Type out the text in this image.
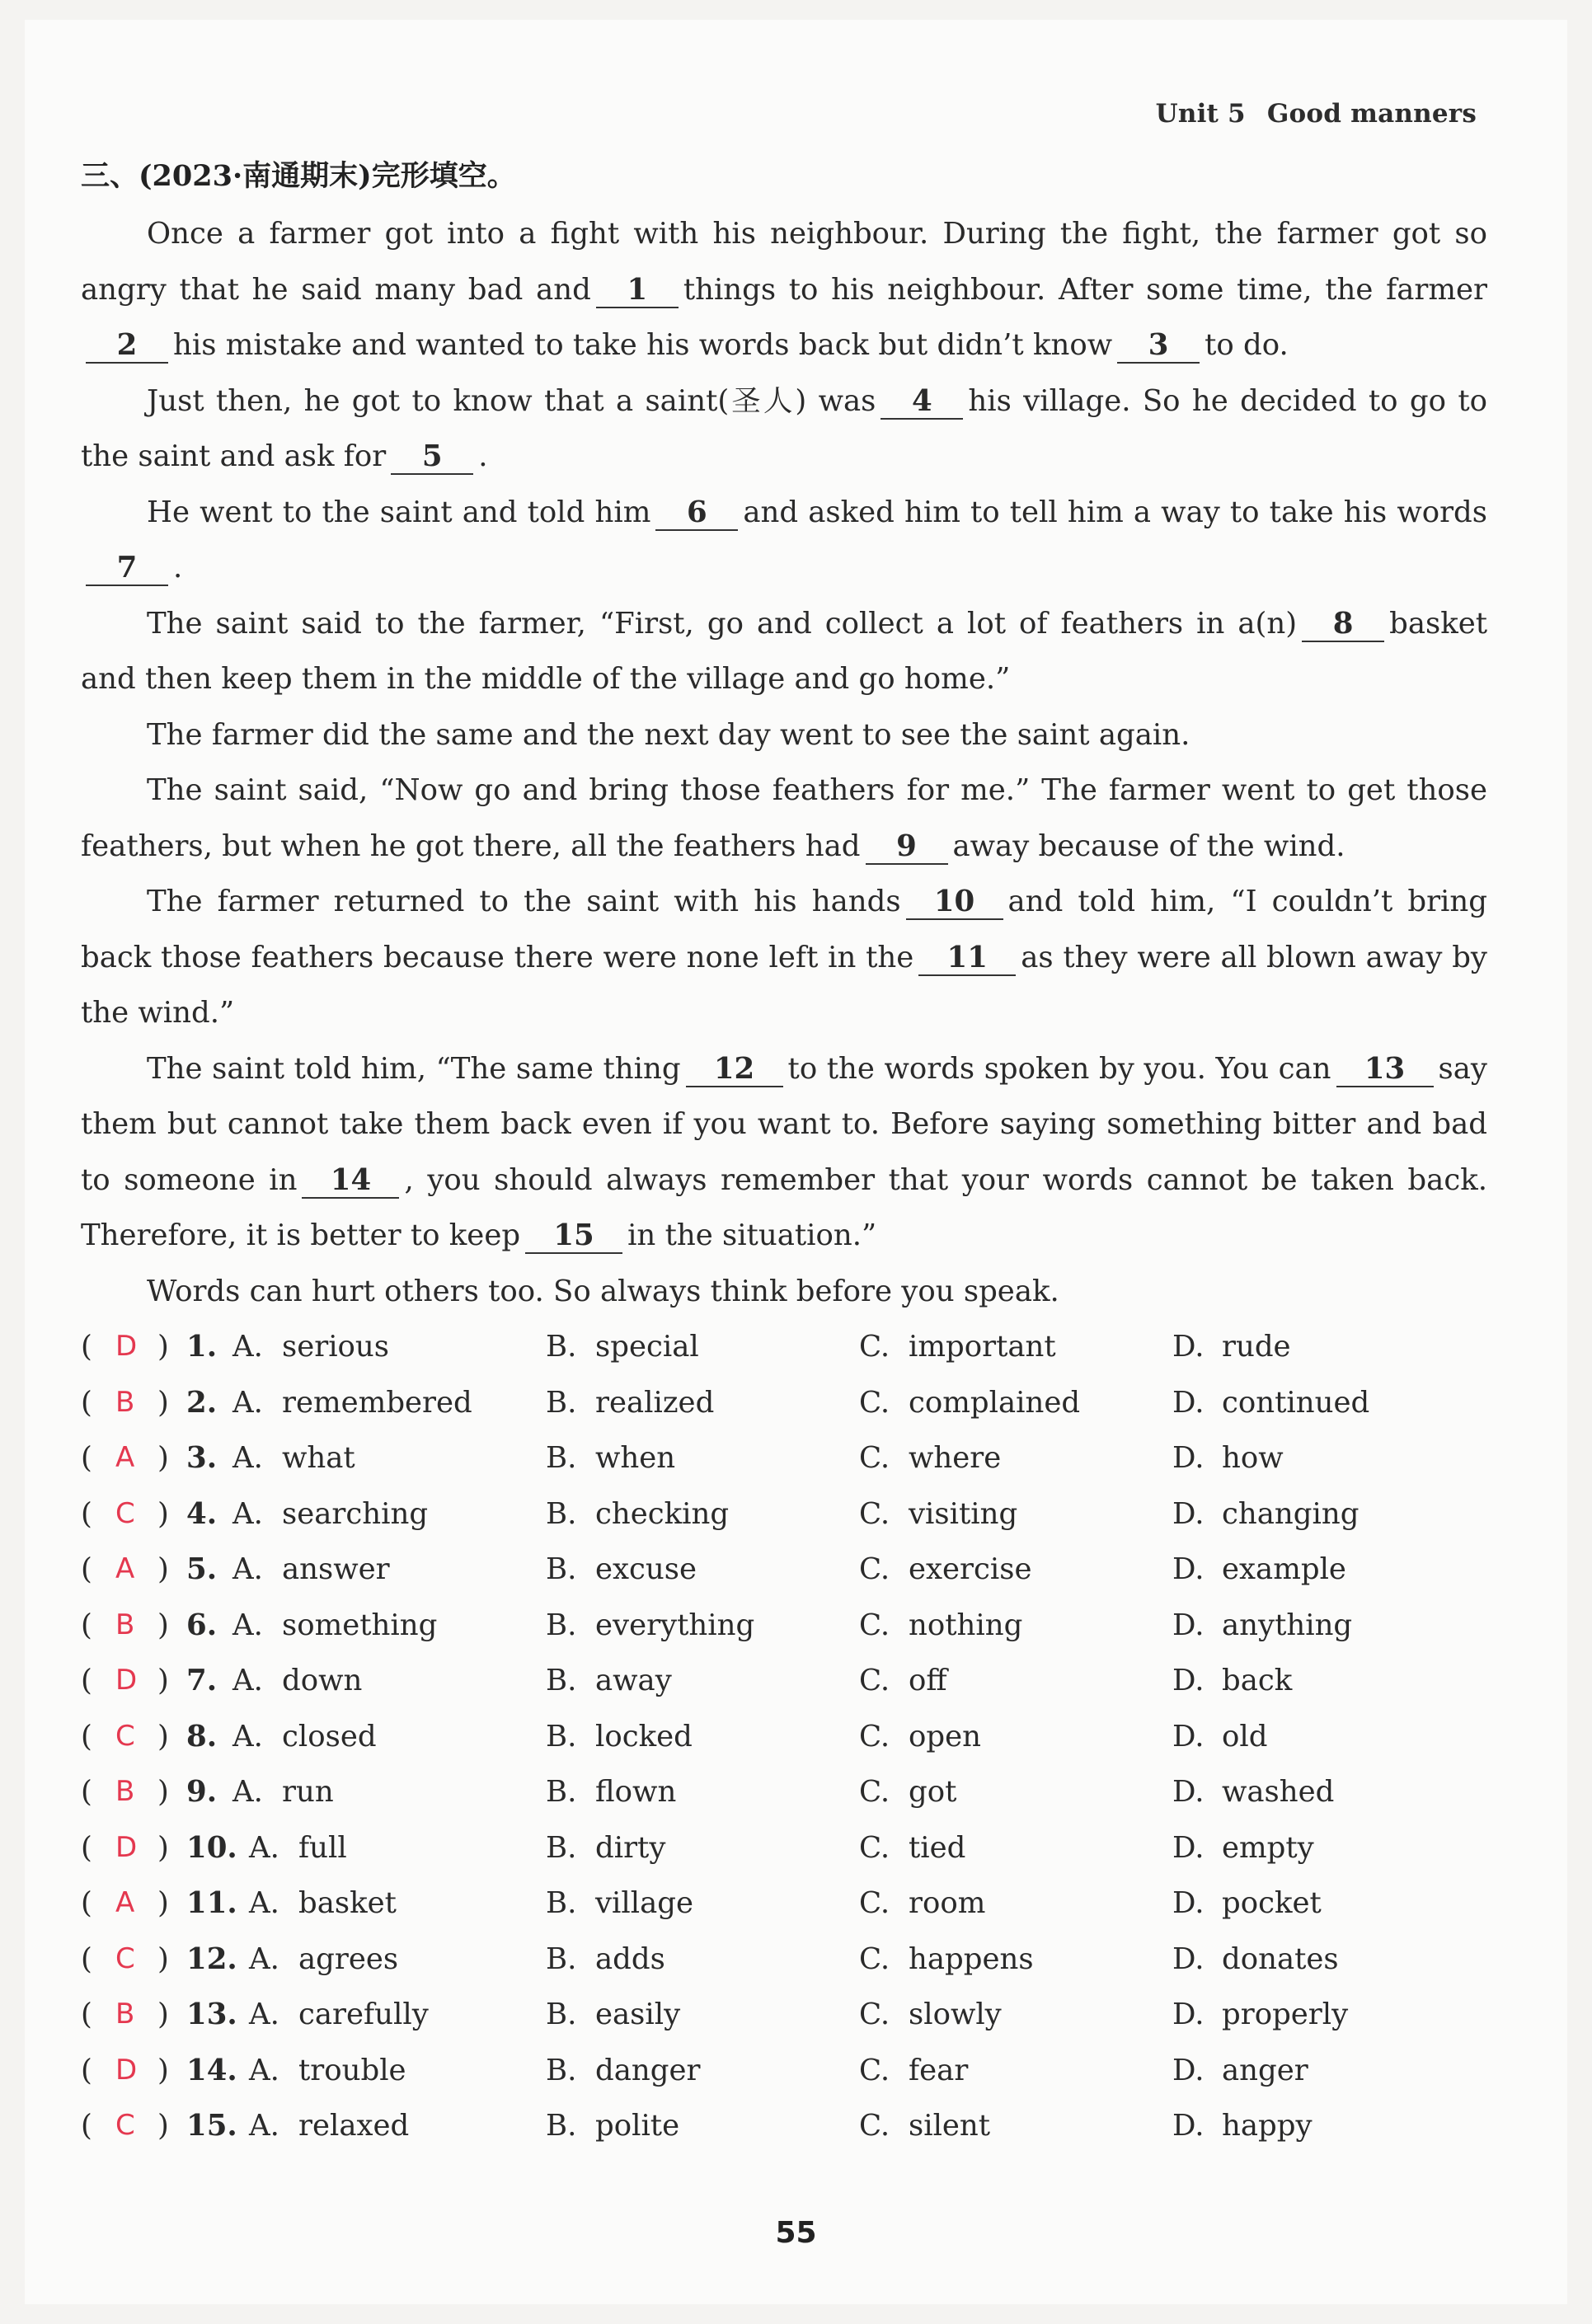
Unit 5 Good manners
三、(2023·南通期末)完形填空。

Once a farmer got into a fight with his neighbour. During the fight, the farmer got so angry that he said many bad and 1 things to his neighbour. After some time, the farmer2 his mistake and wanted to take his words back but didn’t know 3 to do.

Just then, he got to know that a saint(圣人) was 4 his village. So he decided to go to the saint and ask for 5 .

He went to the saint and told him 6 and asked him to tell him a way to take his words7 .

The saint said to the farmer, “First, go and collect a lot of feathers in a(n) 8 basket and then keep them in the middle of the village and go home.”

The farmer did the same and the next day went to see the saint again.

The saint said, “Now go and bring those feathers for me.” The farmer went to get those feathers, but when he got there, all the feathers had 9 away because of the wind.

The farmer returned to the saint with his hands 10 and told him, “I couldn’t bring back those feathers because there were none left in the 11 as they were all blown away by the wind.”

The saint told him, “The same thing 12 to the words spoken by you. You can 13 say them but cannot take them back even if you want to. Before saying something bitter and bad to someone in 14 , you should always remember that your words cannot be taken back. Therefore, it is better to keep 15 in the situation.”

Words can hurt others too. So always think before you speak.

( D ) 1. A. serious	B. special	C. important	D. rude
( B ) 2. A. remembered	B. realized	C. complained	D. continued
( A ) 3. A. what	B. when	C. where	D. how
( C ) 4. A. searching	B. checking	C. visiting	D. changing
( A ) 5. A. answer	B. excuse	C. exercise	D. example
( B ) 6. A. something	B. everything	C. nothing	D. anything
( D ) 7. A. down	B. away	C. off	D. back
( C ) 8. A. closed	B. locked	C. open	D. old
( B ) 9. A. run	B. flown	C. got	D. washed
( D ) 10. A. full	B. dirty	C. tied	D. empty
( A ) 11. A. basket	B. village	C. room	D. pocket
( C ) 12. A. agrees	B. adds	C. happens	D. donates
( B ) 13. A. carefully	B. easily	C. slowly	D. properly
( D ) 14. A. trouble	B. danger	C. fear	D. anger
( C ) 15. A. relaxed	B. polite	C. silent	D. happy
55
